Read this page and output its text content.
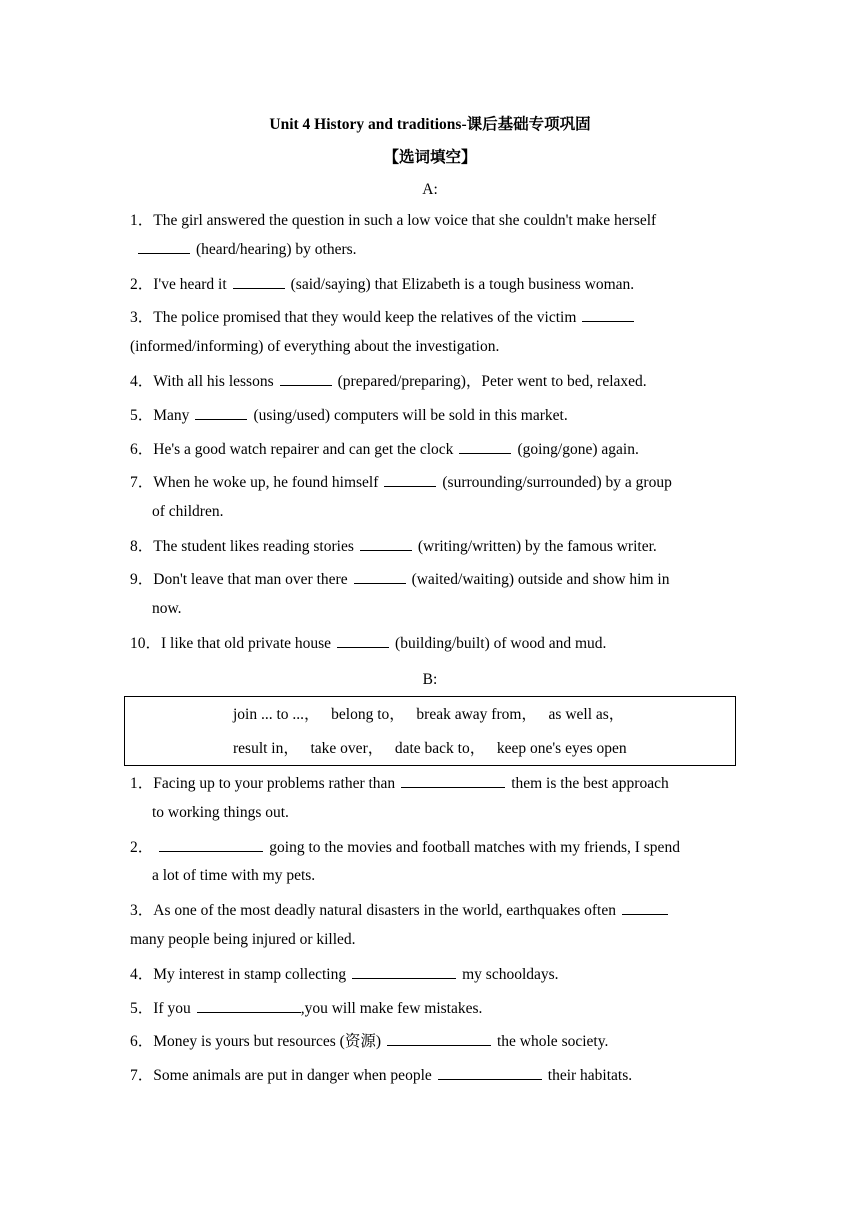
Unit 4 History and traditions-课后基础专项巩固
【选词填空】
A:
1．The girl answered the question in such a low voice that she couldn't make herself
(heard/hearing) by others.
2．I've heard it	(said/saying) that Elizabeth is a tough business woman.
3．The police promised that they would keep the relatives of the victim
(informed/informing) of everything about the investigation.
4．With all his lessons	(prepared/preparing)，Peter went to bed, relaxed.
5．Many	(using/used) computers will be sold in this market.
6．He's a good watch repairer and can get the clock	(going/gone) again.
7．When he woke up, he found himself	(surrounding/surrounded) by a group
of children.
8．The student likes reading stories	(writing/written) by the famous writer.
9．Don't leave that man over there	(waited/waiting) outside and show him in
now.
10．I like that old private house	(building/built) of wood and mud.
B:
join ... to ...，   belong to，   break away from，   as well as，
result in，   take over，   date back to，   keep one's eyes open
1．Facing up to your problems rather than	them is the best approach
to working things out.
2．	going to the movies and football matches with my friends, I spend
a lot of time with my pets.
3．As one of the most deadly natural disasters in the world, earthquakes often
many people being injured or killed.
4．My interest in stamp collecting	my schooldays.
5．If you	,you will make few mistakes.
6．Money is yours but resources (资源)	the whole society.
7．Some animals are put in danger when people	their habitats.
